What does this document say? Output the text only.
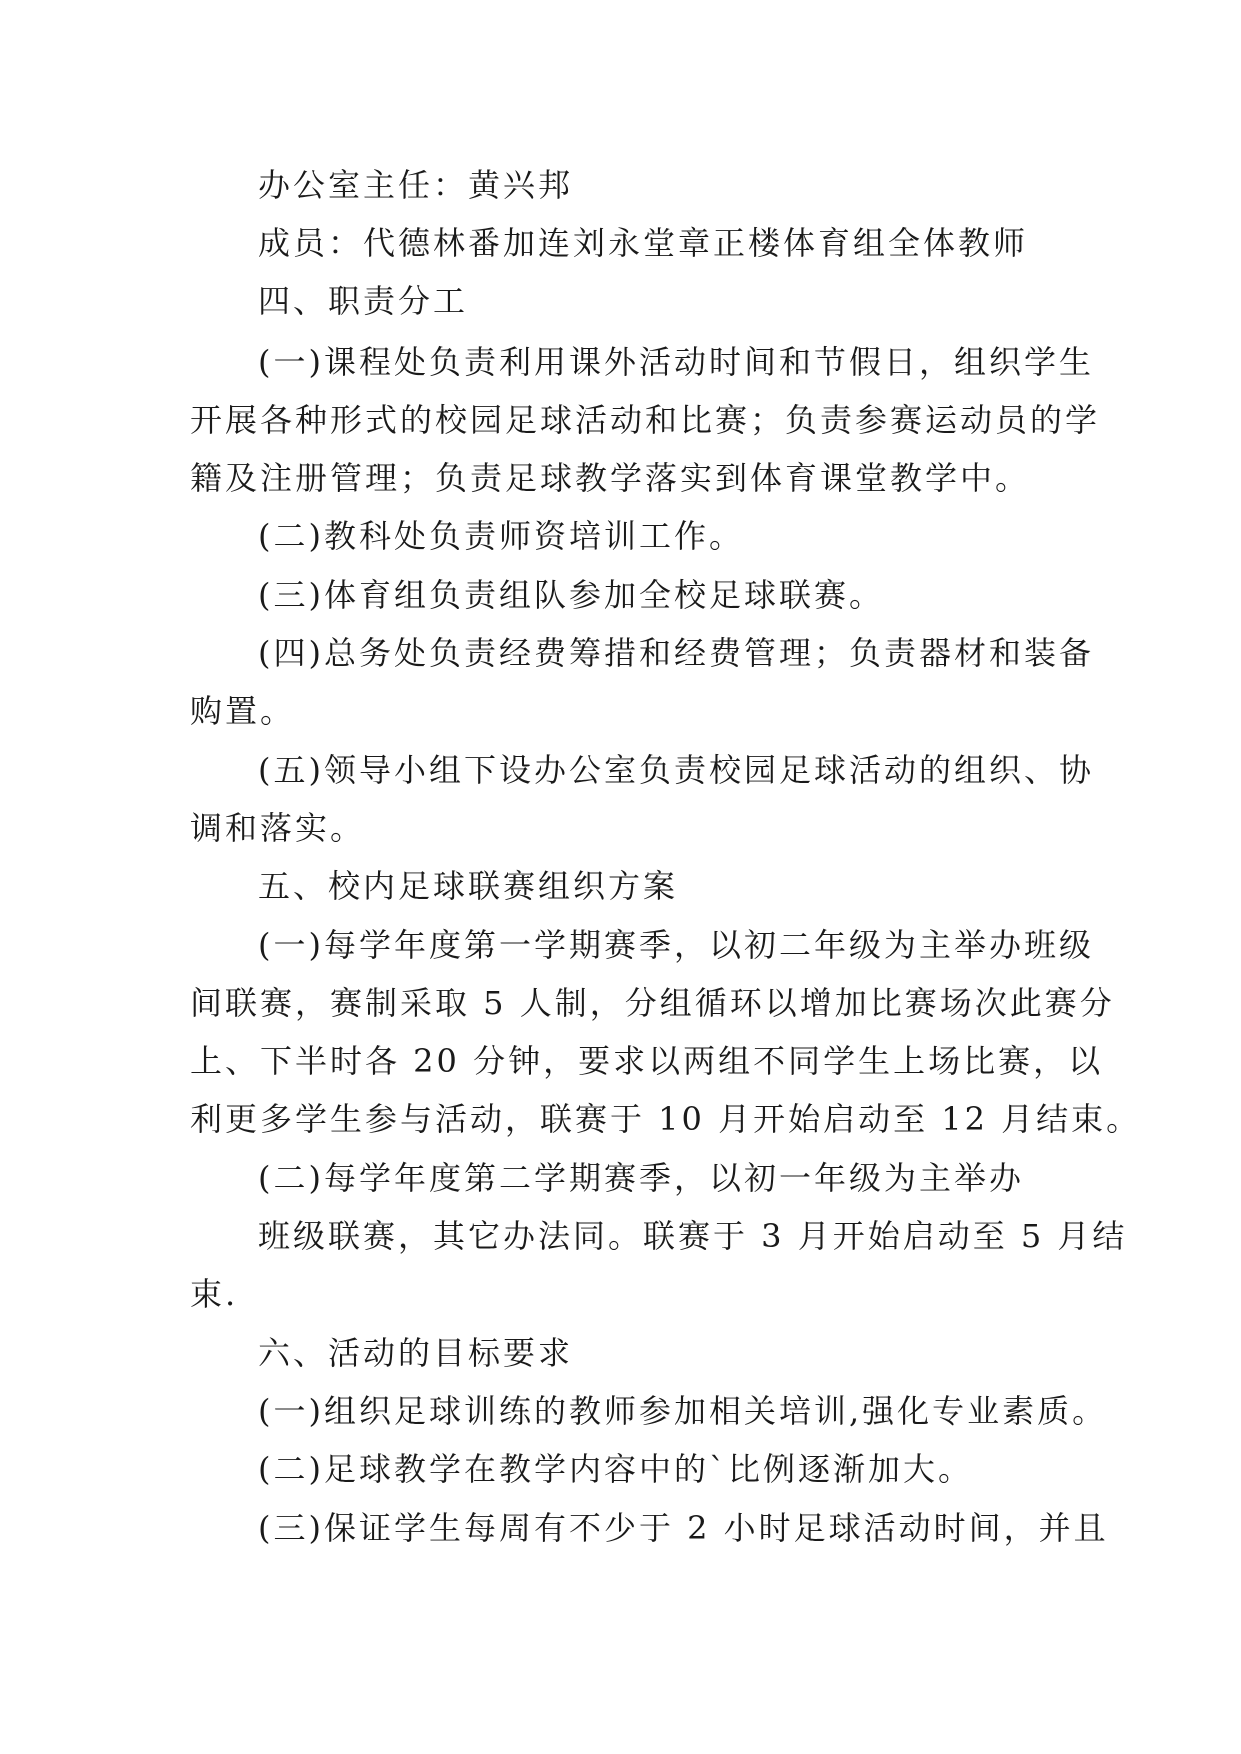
办公室主任：黄兴邦
成员：代德林番加连刘永堂章正楼体育组全体教师
四、职责分工
(一)课程处负责利用课外活动时间和节假日，组织学生
开展各种形式的校园足球活动和比赛；负责参赛运动员的学
籍及注册管理；负责足球教学落实到体育课堂教学中。
(二)教科处负责师资培训工作。
(三)体育组负责组队参加全校足球联赛。
(四)总务处负责经费筹措和经费管理；负责器材和装备
购置。
(五)领导小组下设办公室负责校园足球活动的组织、协
调和落实。
五、校内足球联赛组织方案
(一)每学年度第一学期赛季，以初二年级为主举办班级
间联赛，赛制采取 5 人制，分组循环以增加比赛场次此赛分
上、下半时各 20 分钟，要求以两组不同学生上场比赛，以
利更多学生参与活动，联赛于 10 月开始启动至 12 月结束。
(二)每学年度第二学期赛季，以初一年级为主举办
班级联赛，其它办法同。联赛于 3 月开始启动至 5 月结
束.
六、活动的目标要求
(一)组织足球训练的教师参加相关培训,强化专业素质。
(二)足球教学在教学内容中的`比例逐渐加大。
(三)保证学生每周有不少于 2 小时足球活动时间，并且
